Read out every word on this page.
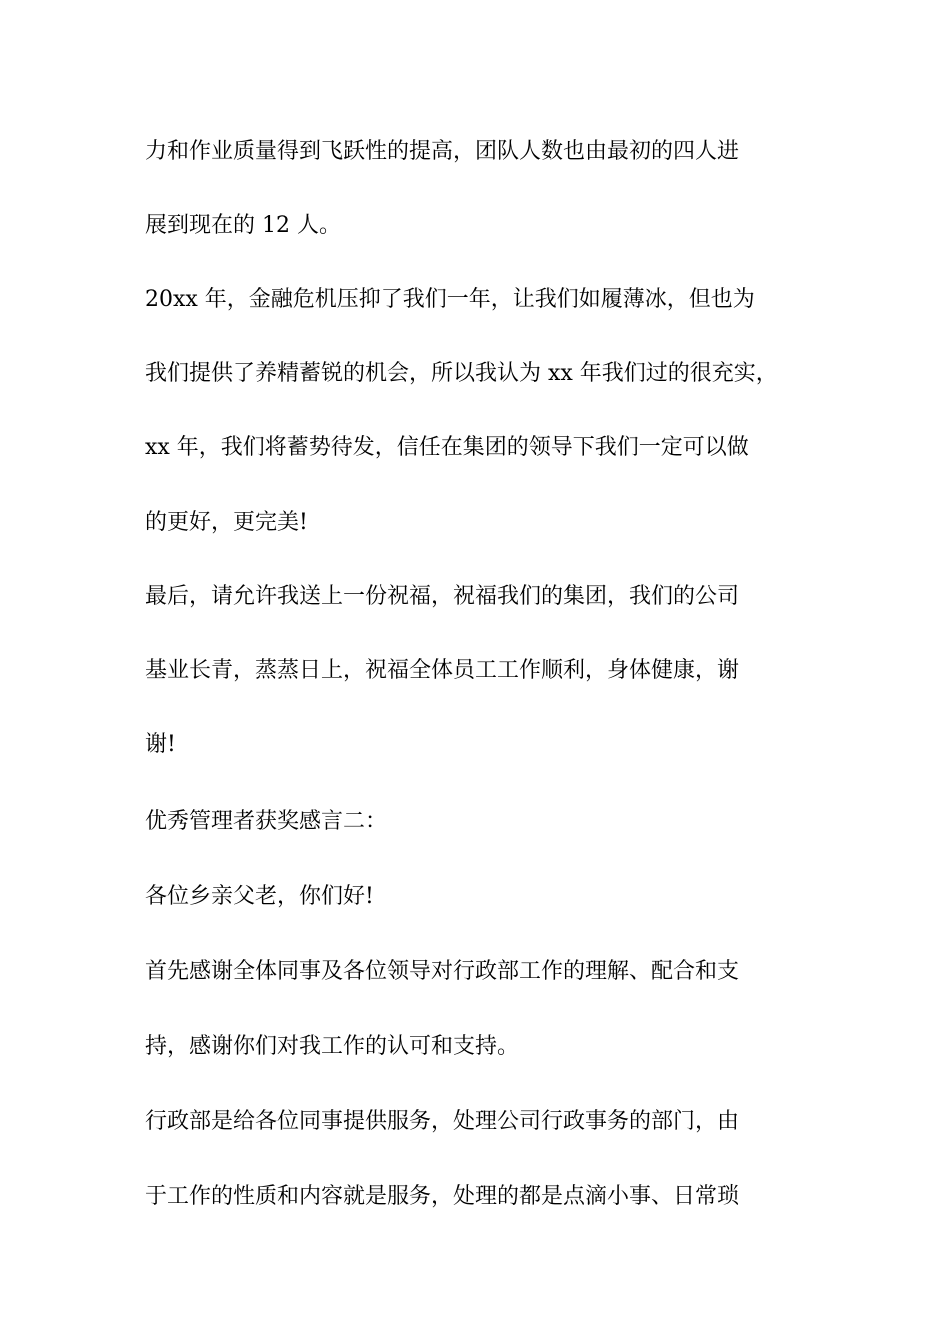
力和作业质量得到飞跃性的提高，团队人数也由最初的四人进

展到现在的 12 人。

20xx 年，金融危机压抑了我们一年，让我们如履薄冰，但也为

我们提供了养精蓄锐的机会，所以我认为 xx 年我们过的很充实，

xx 年，我们将蓄势待发，信任在集团的领导下我们一定可以做

的更好，更完美!

最后，请允许我送上一份祝福，祝福我们的集团，我们的公司

基业长青，蒸蒸日上，祝福全体员工工作顺利，身体健康，谢

谢!

优秀管理者获奖感言二：

各位乡亲父老，你们好!

首先感谢全体同事及各位领导对行政部工作的理解、配合和支

持，感谢你们对我工作的认可和支持。

行政部是给各位同事提供服务，处理公司行政事务的部门，由

于工作的性质和内容就是服务，处理的都是点滴小事、日常琐
